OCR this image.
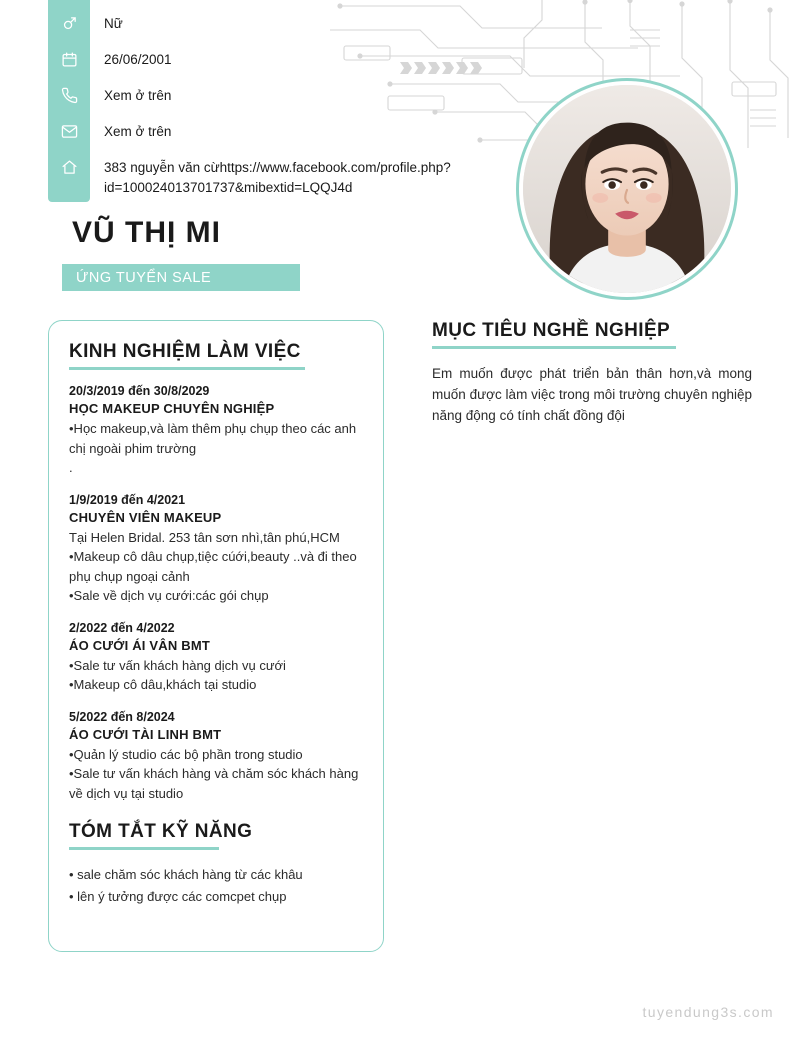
Nữ
26/06/2001
Xem ở trên
Xem ở trên
383 nguyễn văn cừhttps://www.facebook.com/profile.php?id=100024013701737&mibextid=LQQJ4d
VŨ THỊ MI
ỨNG TUYỂN SALE
KINH NGHIỆM LÀM VIỆC
20/3/2019 đến 30/8/2029
HỌC MAKEUP CHUYÊN NGHIỆP
•Học makeup,và làm thêm phụ chụp theo các anh chị ngoài phim trường
.
1/9/2019 đến 4/2021
CHUYÊN VIÊN MAKEUP
Tại Helen Bridal. 253 tân sơn nhì,tân phú,HCM
•Makeup cô dâu chụp,tiệc cúới,beauty ..và đi theo phụ chụp ngoại cảnh
•Sale về dịch vụ cưới:các gói chụp
2/2022 đến 4/2022
ÁO CƯỚI ÁI VÂN BMT
•Sale tư vấn khách hàng dịch vụ cưới
•Makeup cô dâu,khách tại studio
5/2022 đến 8/2024
ÁO CƯỚI TÀI LINH BMT
•Quản lý studio các bộ phần trong studio
•Sale tư vấn khách hàng và chăm sóc khách hàng về dịch vụ tại studio
TÓM TẮT KỸ NĂNG
• sale chăm sóc khách hàng từ các khâu
• lên ý tưởng được các comcpet chụp
MỤC TIÊU NGHỀ NGHIỆP
Em muốn được phát triển bản thân hơn,và mong muốn được làm việc trong môi trường chuyên nghiệp năng động có tính chất đồng đội
tuyendung3s.com
